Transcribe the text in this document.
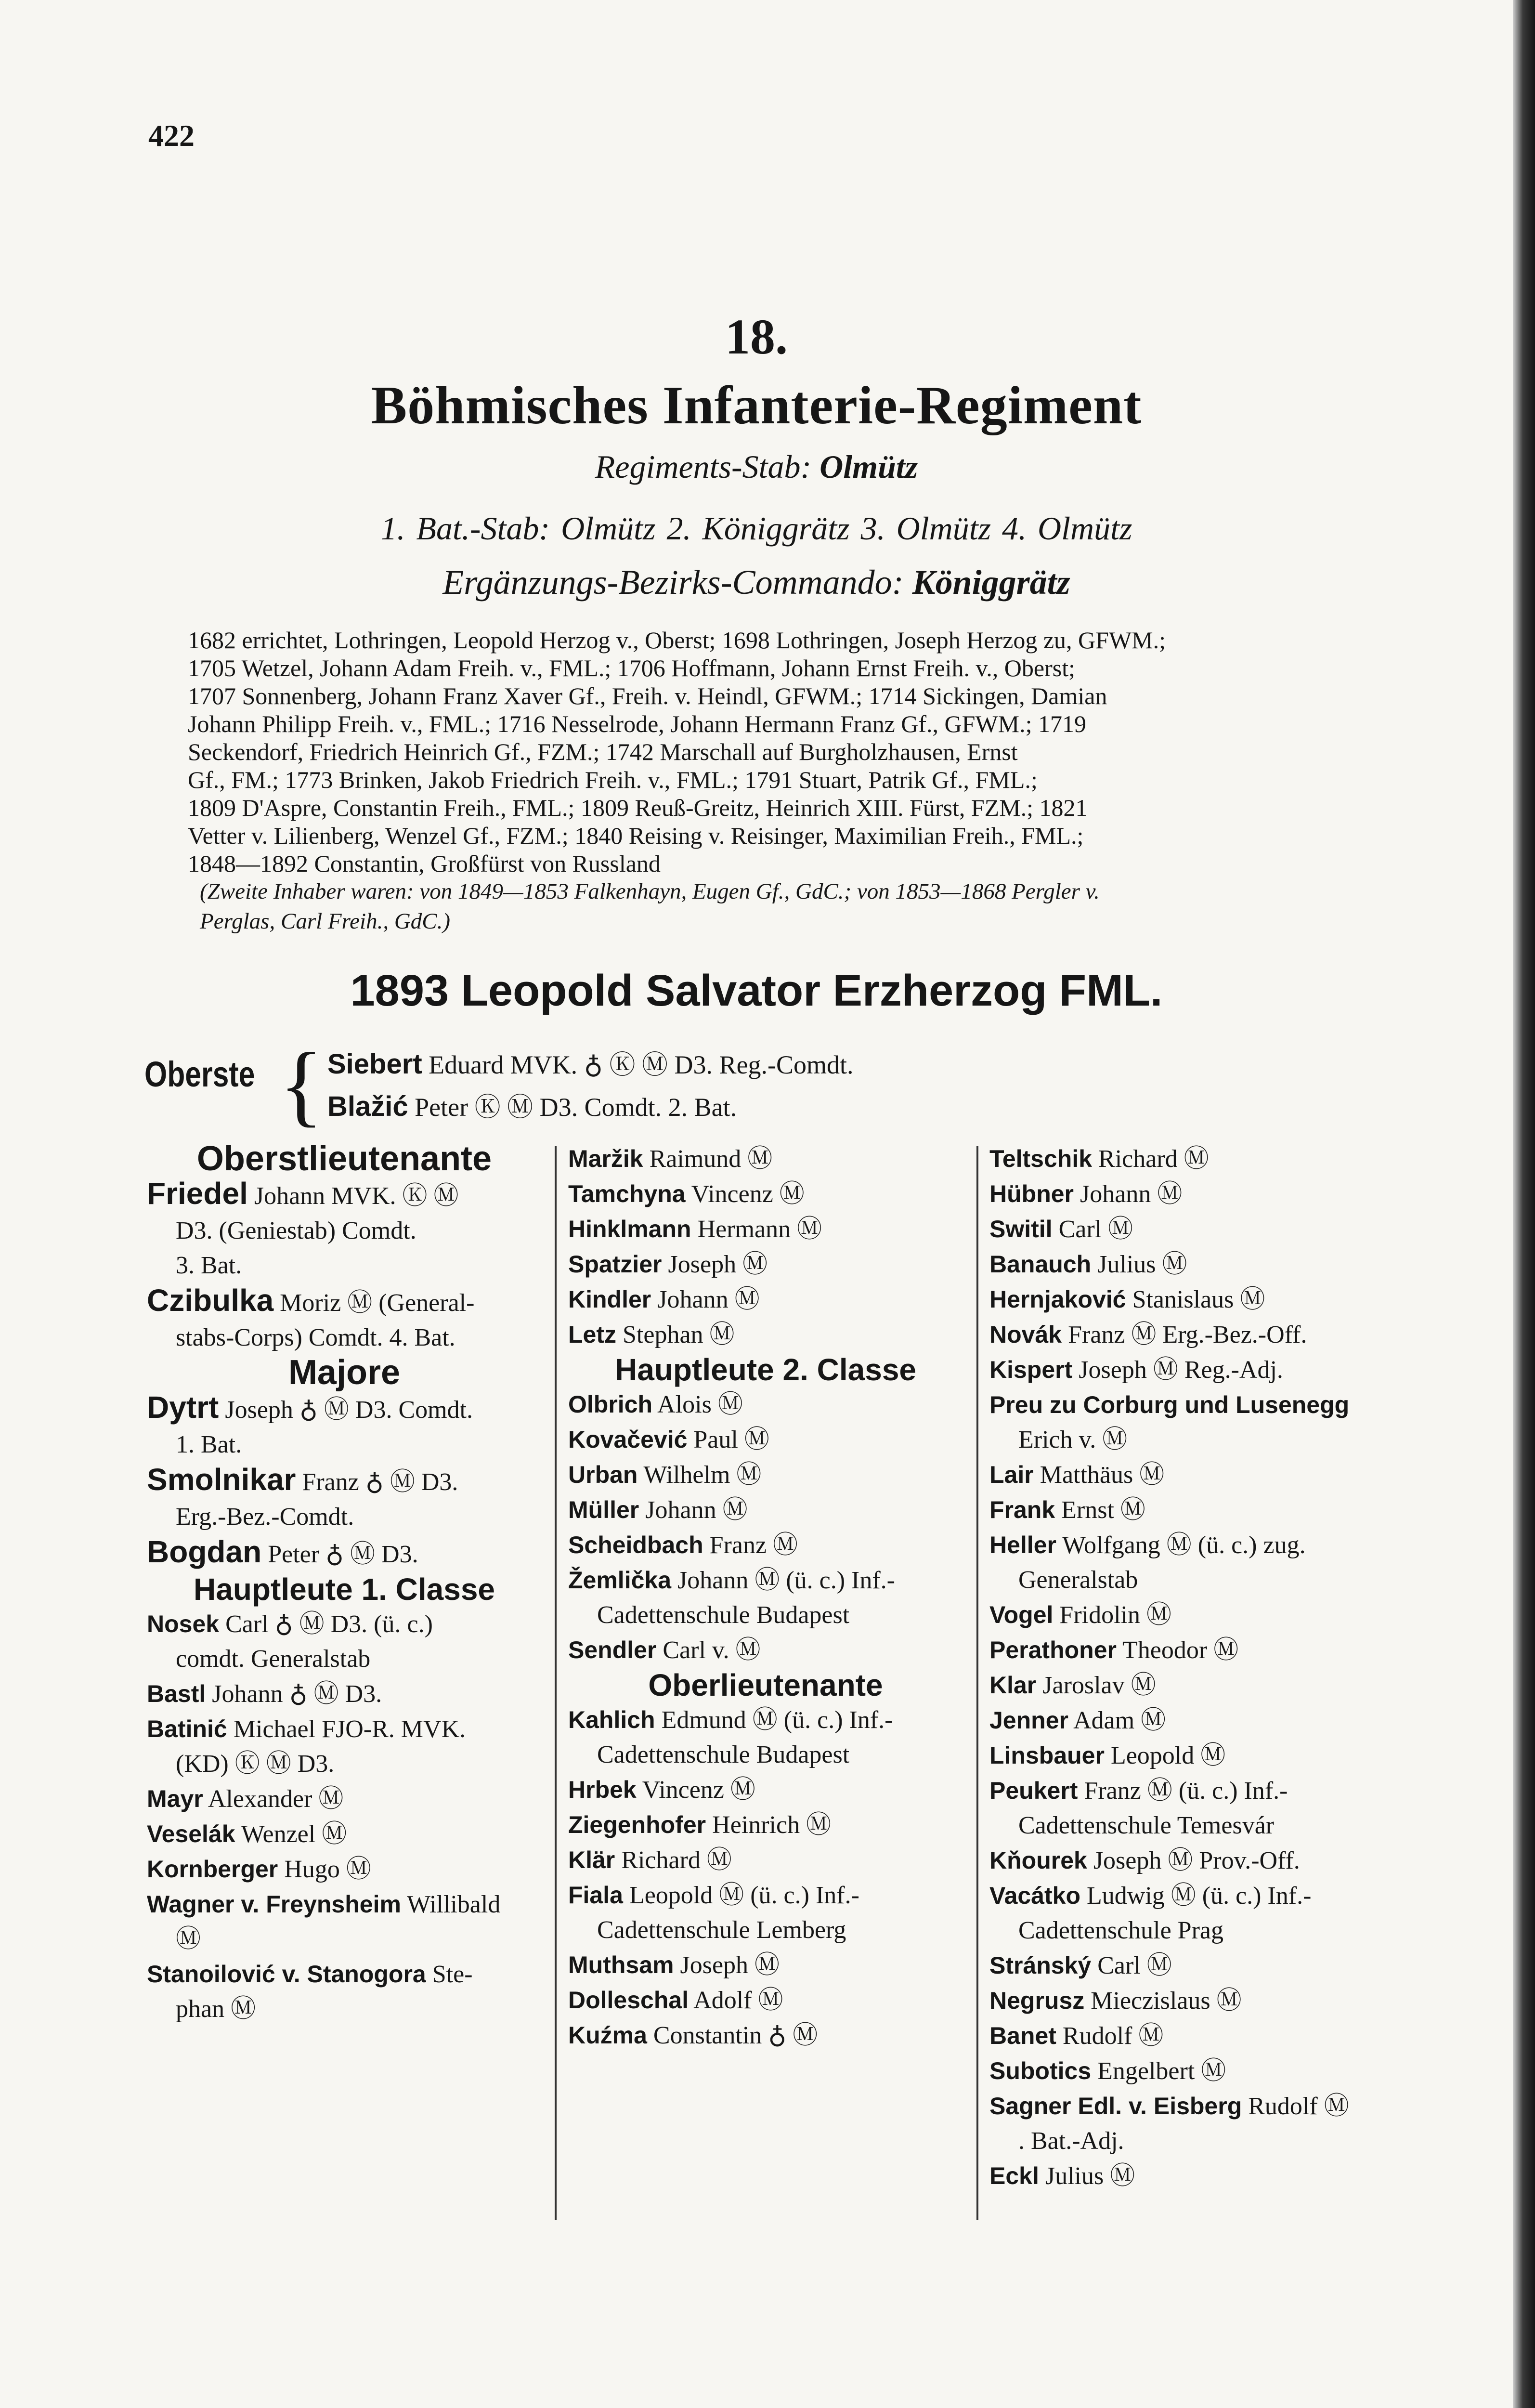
422
18.
Böhmisches Infanterie-Regiment
Regiments-Stab: Olmütz
1. Bat.-Stab: Olmütz 2. Königgrätz 3. Olmütz 4. Olmütz
Ergänzungs-Bezirks-Commando: Königgrätz
1682 errichtet, Lothringen, Leopold Herzog v., Oberst; 1698 Lothringen, Joseph Herzog zu, GFWM.;
1705 Wetzel, Johann Adam Freih. v., FML.; 1706 Hoffmann, Johann Ernst Freih. v., Oberst;
1707 Sonnenberg, Johann Franz Xaver Gf., Freih. v. Heindl, GFWM.; 1714 Sickingen, Damian
Johann Philipp Freih. v., FML.; 1716 Nesselrode, Johann Hermann Franz Gf., GFWM.; 1719
Seckendorf, Friedrich Heinrich Gf., FZM.; 1742 Marschall auf Burgholzhausen, Ernst
Gf., FM.; 1773 Brinken, Jakob Friedrich Freih. v., FML.; 1791 Stuart, Patrik Gf., FML.;
1809 D'Aspre, Constantin Freih., FML.; 1809 Reuß-Greitz, Heinrich XIII. Fürst, FZM.; 1821
Vetter v. Lilienberg, Wenzel Gf., FZM.; 1840 Reising v. Reisinger, Maximilian Freih., FML.;
1848—1892 Constantin, Großfürst von Russland
(Zweite Inhaber waren: von 1849—1853 Falkenhayn, Eugen Gf., GdC.; von 1853—1868 Pergler v.
Perglas, Carl Freih., GdC.)
1893 Leopold Salvator Erzherzog FML.
Oberste { Siebert Eduard MVK. ♁ Ⓚ Ⓜ D3. Reg.-Comdt.
Blažić Peter Ⓚ Ⓜ D3. Comdt. 2. Bat.

Oberstlieutenante

Friedel Johann MVK. Ⓚ Ⓜ

D3. (Geniestab) Comdt.

3. Bat.

Czibulka Moriz Ⓜ (General-

stabs-Corps) Comdt. 4. Bat.

Majore

Dytrt Joseph ♁ Ⓜ D3. Comdt.

1. Bat.

Smolnikar Franz ♁ Ⓜ D3.

Erg.-Bez.-Comdt.

Bogdan Peter ♁ Ⓜ D3.

Hauptleute 1. Classe

Nosek Carl ♁ Ⓜ D3. (ü. c.)

comdt. Generalstab

Bastl Johann ♁ Ⓜ D3.

Batinić Michael FJO-R. MVK.

(KD) Ⓚ Ⓜ D3.

Mayr Alexander Ⓜ

Veselák Wenzel Ⓜ

Kornberger Hugo Ⓜ

Wagner v. Freynsheim Willibald

Ⓜ

Stanoilović v. Stanogora Ste-

phan Ⓜ

Maržik Raimund Ⓜ

Tamchyna Vincenz Ⓜ

Hinklmann Hermann Ⓜ

Spatzier Joseph Ⓜ

Kindler Johann Ⓜ

Letz Stephan Ⓜ

Hauptleute 2. Classe

Olbrich Alois Ⓜ

Kovačević Paul Ⓜ

Urban Wilhelm Ⓜ

Müller Johann Ⓜ

Scheidbach Franz Ⓜ

Žemlička Johann Ⓜ (ü. c.) Inf.-

Cadettenschule Budapest

Sendler Carl v. Ⓜ

Oberlieutenante

Kahlich Edmund Ⓜ (ü. c.) Inf.-

Cadettenschule Budapest

Hrbek Vincenz Ⓜ

Ziegenhofer Heinrich Ⓜ

Klär Richard Ⓜ

Fiala Leopold Ⓜ (ü. c.) Inf.-

Cadettenschule Lemberg

Muthsam Joseph Ⓜ

Dolleschal Adolf Ⓜ

Kuźma Constantin ♁ Ⓜ

Teltschik Richard Ⓜ

Hübner Johann Ⓜ

Switil Carl Ⓜ

Banauch Julius Ⓜ

Hernjaković Stanislaus Ⓜ

Novák Franz Ⓜ Erg.-Bez.-Off.

Kispert Joseph Ⓜ Reg.-Adj.

Preu zu Corburg und Lusenegg

Erich v. Ⓜ

Lair Matthäus Ⓜ

Frank Ernst Ⓜ

Heller Wolfgang Ⓜ (ü. c.) zug.

Generalstab

Vogel Fridolin Ⓜ

Perathoner Theodor Ⓜ

Klar Jaroslav Ⓜ

Jenner Adam Ⓜ

Linsbauer Leopold Ⓜ

Peukert Franz Ⓜ (ü. c.) Inf.-

Cadettenschule Temesvár

Kňourek Joseph Ⓜ Prov.-Off.

Vacátko Ludwig Ⓜ (ü. c.) Inf.-

Cadettenschule Prag

Stránský Carl Ⓜ

Negrusz Mieczislaus Ⓜ

Banet Rudolf Ⓜ

Subotics Engelbert Ⓜ

Sagner Edl. v. Eisberg Rudolf Ⓜ

. Bat.-Adj.

Eckl Julius Ⓜ
